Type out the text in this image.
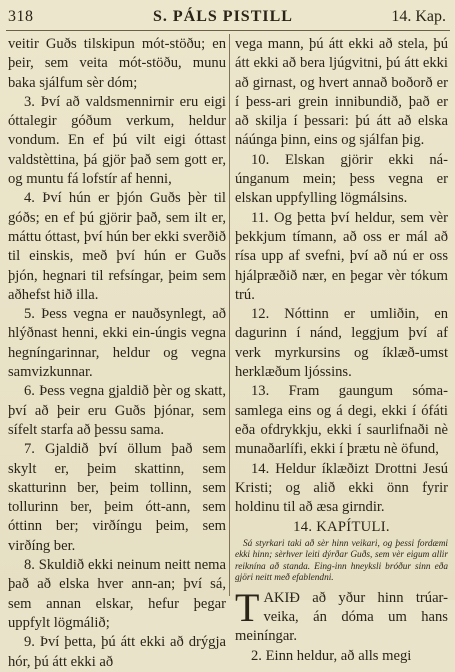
318	S. PÁLS PISTILL	14. Kap.

veitir Guðs tilskipun mót-stöðu; en þeir, sem veita mót-stöðu, munu baka sjálfum sèr dóm;

3. Því að valdsmennirnir eru eigi óttalegir góðum verkum, heldur vondum. En ef þú vilt eigi óttast valdstèttina, þá gjör það sem gott er, og muntu fá lofstír af henni,

4. Því hún er þjón Guðs þèr til góðs; en ef þú gjörir það, sem ilt er, máttu óttast, því hún ber ekki sverðið til einskis, með því hún er Guðs þjón, hegnari til refsíngar, þeim sem aðhefst hið illa.

5. Þess vegna er nauðsynlegt, að hlýðnast henni, ekki ein-úngis vegna hegníngarinnar, heldur og vegna samvizkunnar.

6. Þess vegna gjaldið þèr og skatt, því að þeir eru Guðs þjónar, sem sífelt starfa að þessu sama.

7. Gjaldið því öllum það sem skylt er, þeim skattinn, sem skatturinn ber, þeim tollinn, sem tollurinn ber, þeim ótt-ann, sem óttinn ber; virðíngu þeim, sem virðíng ber.

8. Skuldið ekki neinum neitt nema það að elska hver ann-an; því sá, sem annan elskar, hefur þegar uppfylt lögmálið;

9. Því þetta, þú átt ekki að drýgja hór, þú átt ekki að

vega mann, þú átt ekki að stela, þú átt ekki að bera ljúgvitni, þú átt ekki að girnast, og hvert annað boðorð er í þess-ari grein innibundið, það er að skilja í þessari: þú átt að elska náúnga þinn, eins og sjálfan þig.

10. Elskan gjörir ekki ná-únganum mein; þess vegna er elskan uppfylling lögmálsins.

11. Og þetta því heldur, sem vèr þekkjum tímann, að oss er mál að rísa upp af svefni, því að nú er oss hjálpræðið nær, en þegar vèr tókum trú.

12. Nóttinn er umliðin, en dagurinn í nánd, leggjum því af verk myrkursins og íklæð-umst herklæðum ljóssins.

13. Fram gaungum sóma-samlega eins og á degi, ekki í ófáti eða ofdrykkju, ekki í saurlifnaði nè munaðarlífi, ekki í þrætu nè öfund,

14. Heldur íklæðizt Drottni Jesú Kristi; og alið ekki önn fyrir holdinu til að æsa girndir.

14. KAPÍTULI.

Sá styrkari taki að sèr hinn veikari, og þessi fordæmi ekki hinn; sèrhver leiti dýrðar Guðs, sem vèr eigum allir reiknína að standa. Eing-inn hneyksli bróður sinn eða gjöri neitt með efablendni.

TAKIÐ að yður hinn trúar-veika, án dóma um hans meiníngar.

2. Einn heldur, að alls megi
